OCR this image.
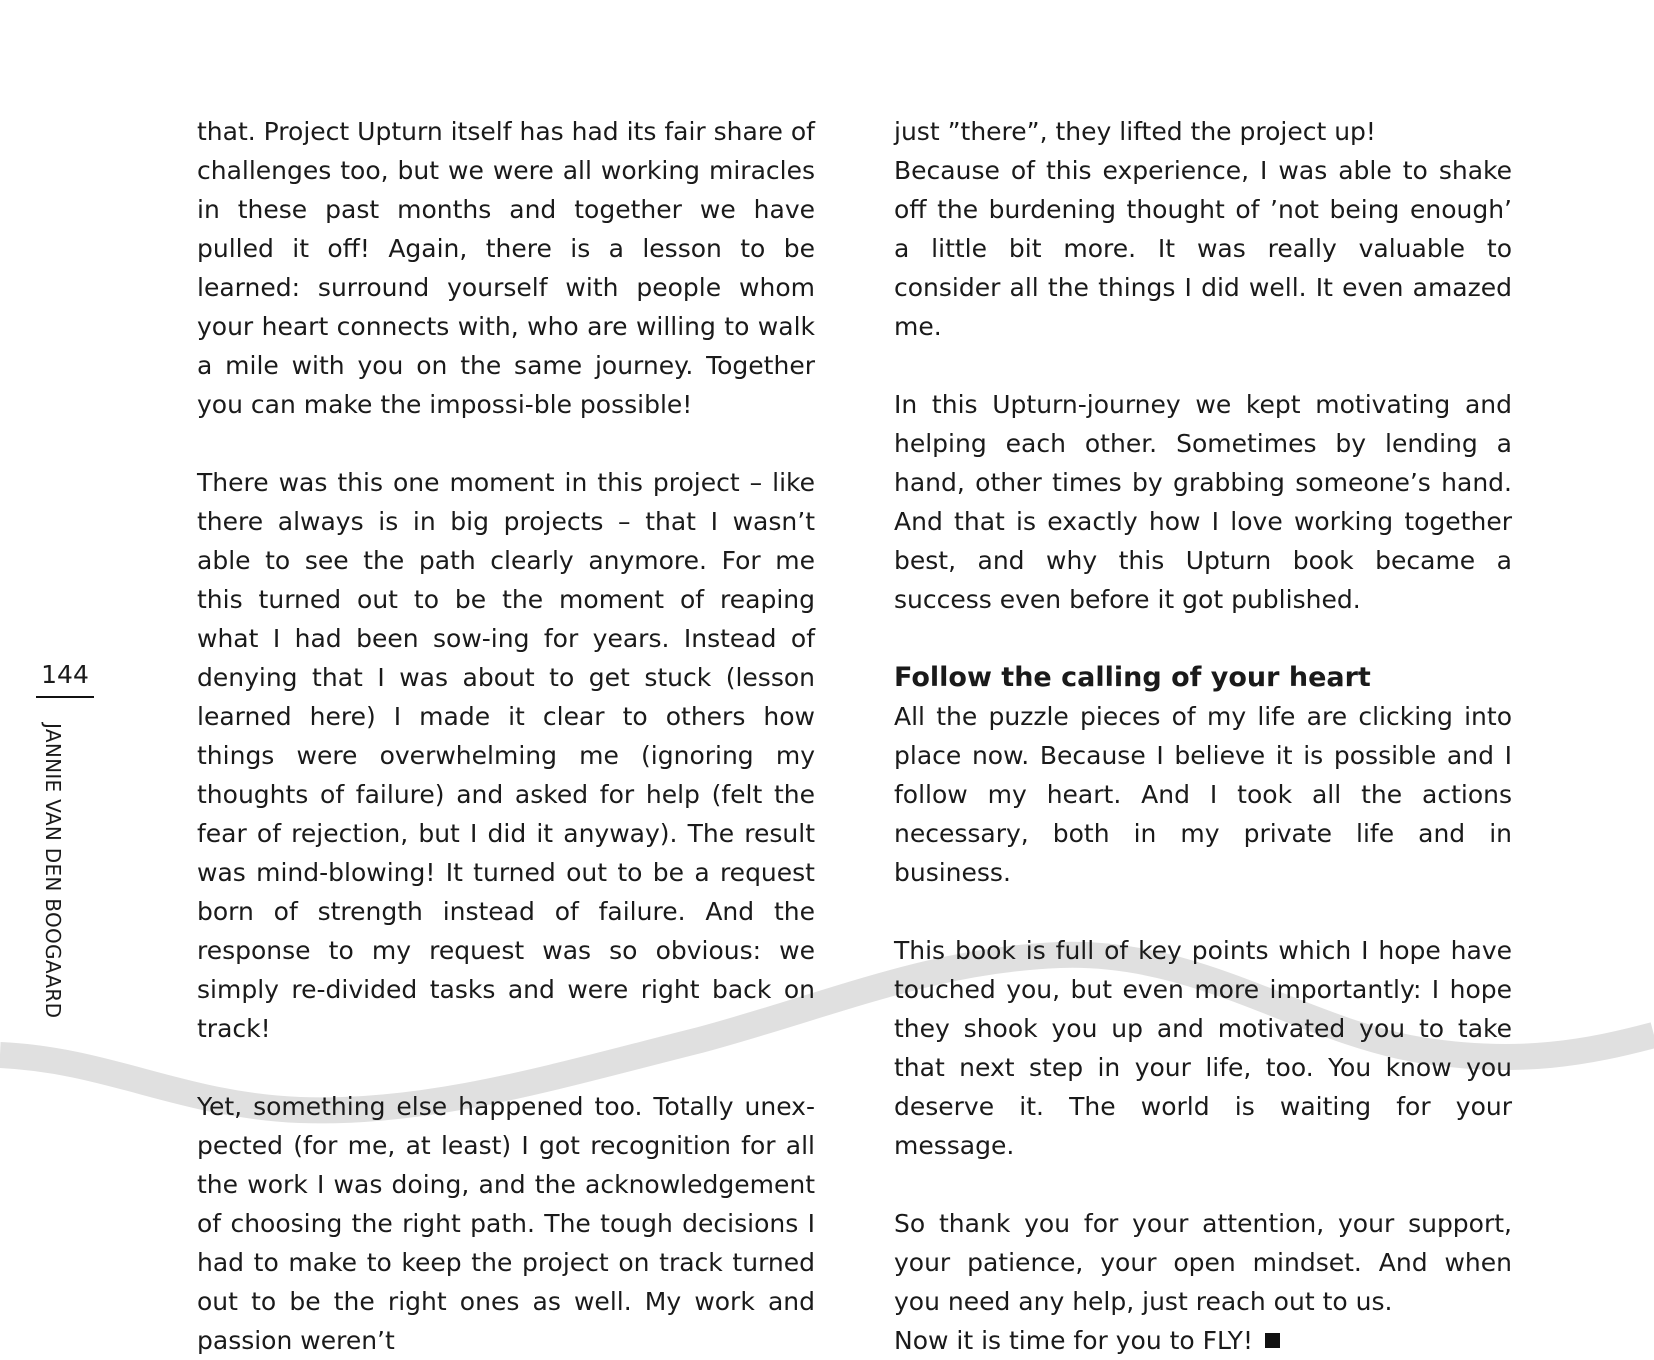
that. Project Upturn itself has had its fair share of challenges too, but we were all working miracles in these past months and together we have pulled it off! Again, there is a lesson to be learned: surround yourself with people whom your heart connects with, who are willing to walk a mile with you on the same journey. Together you can make the impossi-ble possible!

There was this one moment in this project – like there always is in big projects – that I wasn’t able to see the path clearly anymore. For me this turned out to be the moment of reaping what I had been sow-ing for years. Instead of denying that I was about to get stuck (lesson learned here) I made it clear to others how things were overwhelming me (ignoring my thoughts of failure) and asked for help (felt the fear of rejection, but I did it anyway). The result was mind-blowing! It turned out to be a request born of strength instead of failure. And the response to my request was so obvious: we simply re-divided tasks and were right back on track!

Yet, something else happened too. Totally unex-pected (for me, at least) I got recognition for all the work I was doing, and the acknowledgement of choosing the right path. The tough decisions I had to make to keep the project on track turned out to be the right ones as well. My work and passion weren’t

just ”there”, they lifted the project up!
Because of this experience, I was able to shake off the burdening thought of ’not being enough’ a little bit more. It was really valuable to consider all the things I did well. It even amazed me.

In this Upturn-journey we kept motivating and helping each other. Sometimes by lending a hand, other times by grabbing someone’s hand. And that is exactly how I love working together best, and why this Upturn book became a success even before it got published.

Follow the calling of your heart

All the puzzle pieces of my life are clicking into place now. Because I believe it is possible and I follow my heart. And I took all the actions necessary, both in my private life and in business.

This book is full of key points which I hope have touched you, but even more importantly: I hope they shook you up and motivated you to take that next step in your life, too. You know you deserve it. The world is waiting for your message.

So thank you for your attention, your support, your patience, your open mindset. And when you need any help, just reach out to us.
Now it is time for you to FLY!

144
JANNIE VAN DEN BOOGAARD
